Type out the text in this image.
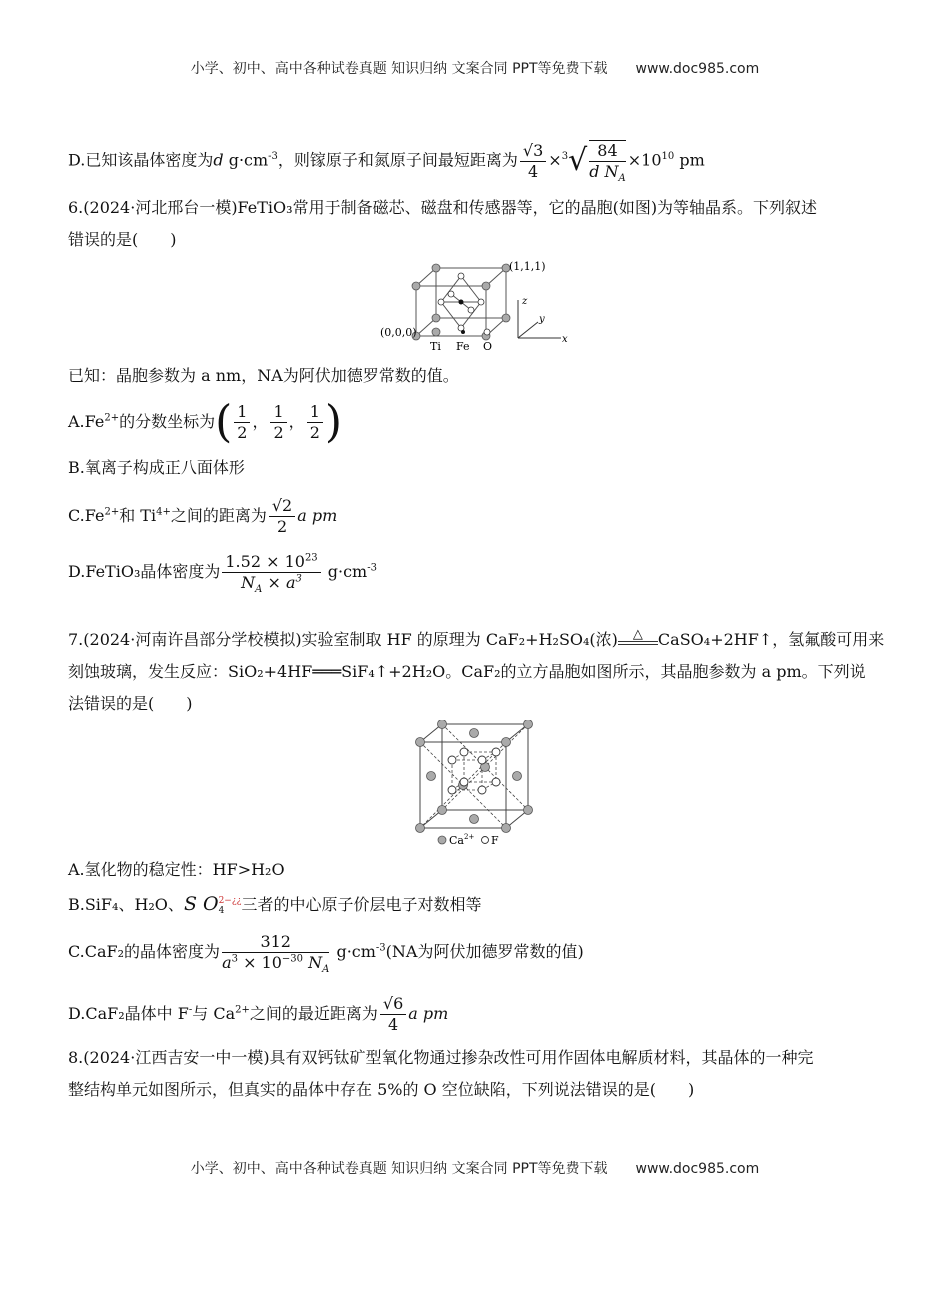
小学、初中、高中各种试卷真题 知识归纳 文案合同 PPT等免费下载 www.doc985.com
D.已知该晶体密度为d $g\cdot cm^{-3}$，则镓原子和氮原子间最短距离为 $\frac{√3}{4} \times^3√ \frac{84}{d N_A} \times 10^{10}$ pm
6.(2024·河北邢台一模)FeTiO₃常用于制备磁芯、磁盘和传感器等，它的晶胞(如图)为等轴晶系。下列叙述
错误的是(　　)
(1,1,1)
(0,0,0)
Ti Fe O
x
y
z
已知：晶胞参数为 a nm，NA为阿伏加德罗常数的值。
$A.Fe^{2+}$的分数坐标为( $\frac{1}{2}$ ， $\frac{1}{2}$ ， $\frac{1}{2}$ )
B.氧离子构成正八面体形
$C.Fe^{2+}$和 $Ti^{4+}$之间的距离为 $\frac{√2}{2}$ a pm
D.FeTiO₃晶体密度为 $\frac{1.52 \times 10^{23}}{N_A \times a^3} g\cdot cm^{-3}$
7.(2024·河南许昌部分学校模拟)实验室制取 HF 的原理为 CaF₂+H₂SO₄(浓)	△ CaSO₄+2HF↑，氢氟酸可用来
刻蚀玻璃，发生反应：SiO₂+4HF═══SiF₄↑+2H₂O。CaF₂的立方晶胞如图所示，其晶胞参数为 a pm。下列说
法错误的是(　　)
$Ca^{2+}$ F
A.氢化物的稳定性：HF>H₂O
B.SiF₄、H₂O、S O 2−¿¿
4	三者的中心原子价层电子对数相等
C.CaF₂的晶体密度为 $\frac{312}{a^3 \times 10^{-30} N_A} g\cdot cm^{-3}(NA$为阿伏加德罗常数的值)
D.CaF₂晶体中 F-与 $Ca^{2+}$之间的最近距离为 $\frac{√6}{4}$ a pm
8.(2024·江西吉安一中一模)具有双钙钛矿型氧化物通过掺杂改性可用作固体电解质材料，其晶体的一种完
整结构单元如图所示，但真实的晶体中存在 5%的 O 空位缺陷，下列说法错误的是(　　)
小学、初中、高中各种试卷真题 知识归纳 文案合同 PPT等免费下载 www.doc985.com
